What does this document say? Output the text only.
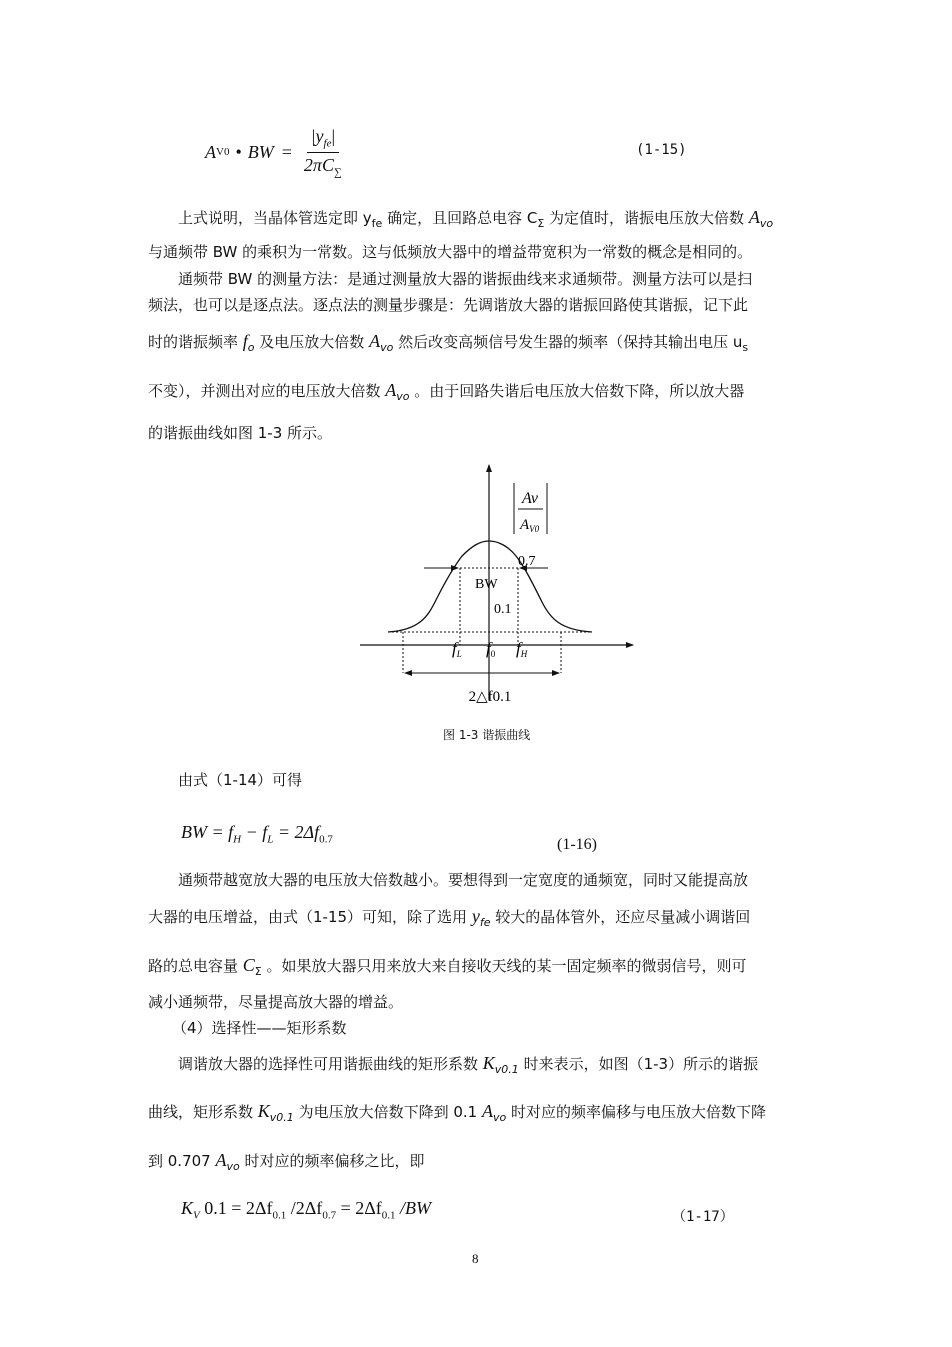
A V0 • BW = $\frac{|y_{fe}|}{2\pi C_\sum}$	(1-15)
上式说明，当晶体管选定即 $y_{fe}$ 确定，且回路总电容 $C_\Sigma$ 为定值时，谐振电压放大倍数 $A_{vo}$
与通频带 BW 的乘积为一常数。这与低频放大器中的增益带宽积为一常数的概念是相同的。
通频带 BW 的测量方法：是通过测量放大器的谐振曲线来求通频带。测量方法可以是扫
频法，也可以是逐点法。逐点法的测量步骤是：先调谐放大器的谐振回路使其谐振，记下此
时的谐振频率 $f_o$ 及电压放大倍数 $A_{vo}$ 然后改变高频信号发生器的频率（保持其输出电压 $u_s$
不变），并测出对应的电压放大倍数 $A_{vo}$ 。由于回路失谐后电压放大倍数下降，所以放大器
的谐振曲线如图 1-3 所示。
Av
$A_{V0}$
0.7
BW
0.1
fL f0 fH
2△f0.1
图 1-3 谐振曲线
由式（1-14）可得
BW = $f_H - f_L = 2\Delta f_{0.7}$	(1-16)
通频带越宽放大器的电压放大倍数越小。要想得到一定宽度的通频宽，同时又能提高放
大器的电压增益，由式（1-15）可知，除了选用 $y_{fe}$ 较大的晶体管外，还应尽量减小调谐回
路的总电容量 $C_\Sigma$ 。如果放大器只用来放大来自接收天线的某一固定频率的微弱信号，则可
减小通频带，尽量提高放大器的增益。
（4）选择性——矩形系数
调谐放大器的选择性可用谐振曲线的矩形系数 $K_{v0.1}$ 时来表示，如图（1-3）所示的谐振
曲线，矩形系数 $K_{v0.1}$ 为电压放大倍数下降到 0.1 $A_{vo}$ 时对应的频率偏移与电压放大倍数下降
到 0.707 $A_{vo}$ 时对应的频率偏移之比，即
$K_V$ $0.1 = 2\Delta f_{0.1}$ $/2\Delta f_{0.7} = 2\Delta f_{0.1}$ /BW	（1-17）
8
